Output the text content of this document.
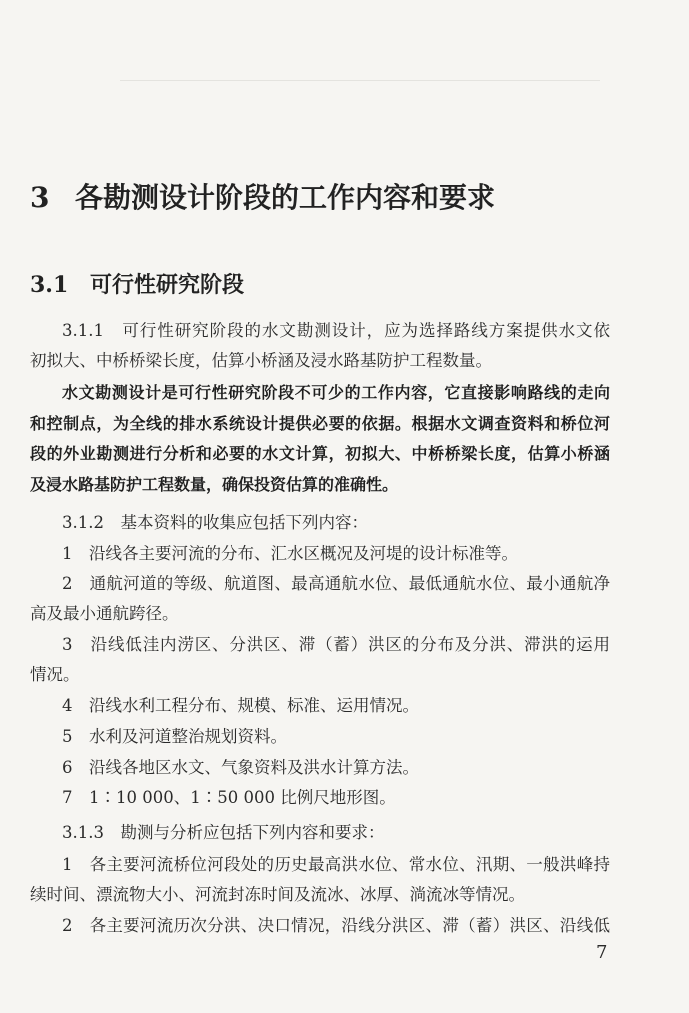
3 各勘测设计阶段的工作内容和要求
3.1 可行性研究阶段
3.1.1　可行性研究阶段的水文勘测设计，应为选择路线方案提供水文依
初拟大、中桥桥梁长度，估算小桥涵及浸水路基防护工程数量。
水文勘测设计是可行性研究阶段不可少的工作内容，它直接影响路线的走向
和控制点，为全线的排水系统设计提供必要的依据。根据水文调查资料和桥位河
段的外业勘测进行分析和必要的水文计算，初拟大、中桥桥梁长度，估算小桥涵
及浸水路基防护工程数量，确保投资估算的准确性。
3.1.2　基本资料的收集应包括下列内容：
1　沿线各主要河流的分布、汇水区概况及河堤的设计标准等。
2　通航河道的等级、航道图、最高通航水位、最低通航水位、最小通航净
高及最小通航跨径。
3　沿线低洼内涝区、分洪区、滞（蓄）洪区的分布及分洪、滞洪的运用
情况。
4　沿线水利工程分布、规模、标准、运用情况。
5　水利及河道整治规划资料。
6　沿线各地区水文、气象资料及洪水计算方法。
7　1∶10 000、1∶50 000 比例尺地形图。
3.1.3　勘测与分析应包括下列内容和要求：
1　各主要河流桥位河段处的历史最高洪水位、常水位、汛期、一般洪峰持
续时间、漂流物大小、河流封冻时间及流冰、冰厚、淌流冰等情况。
2　各主要河流历次分洪、决口情况，沿线分洪区、滞（蓄）洪区、沿线低
7
